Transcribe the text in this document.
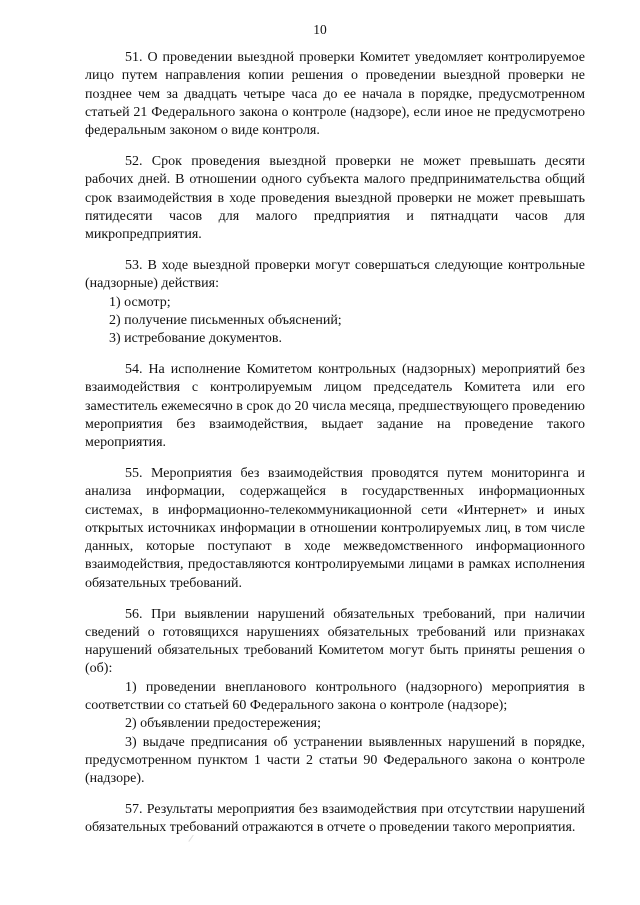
10

51. О проведении выездной проверки Комитет уведомляет контролируемое лицо путем направления копии решения о проведении выездной проверки не позднее чем за двадцать четыре часа до ее начала в порядке, предусмотренном статьей 21 Федерального закона о контроле (надзоре), если иное не предусмотрено федеральным законом о виде контроля.

52. Срок проведения выездной проверки не может превышать десяти рабочих дней. В отношении одного субъекта малого предпринимательства общий срок взаимодействия в ходе проведения выездной проверки не может превышать пятидесяти часов для малого предприятия и пятнадцати часов для микропредприятия.

53. В ходе выездной проверки могут совершаться следующие контрольные (надзорные) действия:

1) осмотр;

2) получение письменных объяснений;

3) истребование документов.

54. На исполнение Комитетом контрольных (надзорных) мероприятий без взаимодействия с контролируемым лицом председатель Комитета или его заместитель ежемесячно в срок до 20 числа месяца, предшествующего проведению мероприятия без взаимодействия, выдает задание на проведение такого мероприятия.

55. Мероприятия без взаимодействия проводятся путем мониторинга и анализа информации, содержащейся в государственных информационных системах, в информационно-телекоммуникационной сети «Интернет» и иных открытых источниках информации в отношении контролируемых лиц, в том числе данных, которые поступают в ходе межведомственного информационного взаимодействия, предоставляются контролируемыми лицами в рамках исполнения обязательных требований.

56. При выявлении нарушений обязательных требований, при наличии сведений о готовящихся нарушениях обязательных требований или признаках нарушений обязательных требований Комитетом могут быть приняты решения о (об):

1) проведении внепланового контрольного (надзорного) мероприятия в соответствии со статьей 60 Федерального закона о контроле (надзоре);

2) объявлении предостережения;

3) выдаче предписания об устранении выявленных нарушений в порядке, предусмотренном пунктом 1 части 2 статьи 90 Федерального закона о контроле (надзоре).

57. Результаты мероприятия без взаимодействия при отсутствии нарушений обязательных требований отражаются в отчете о проведении такого мероприятия.
